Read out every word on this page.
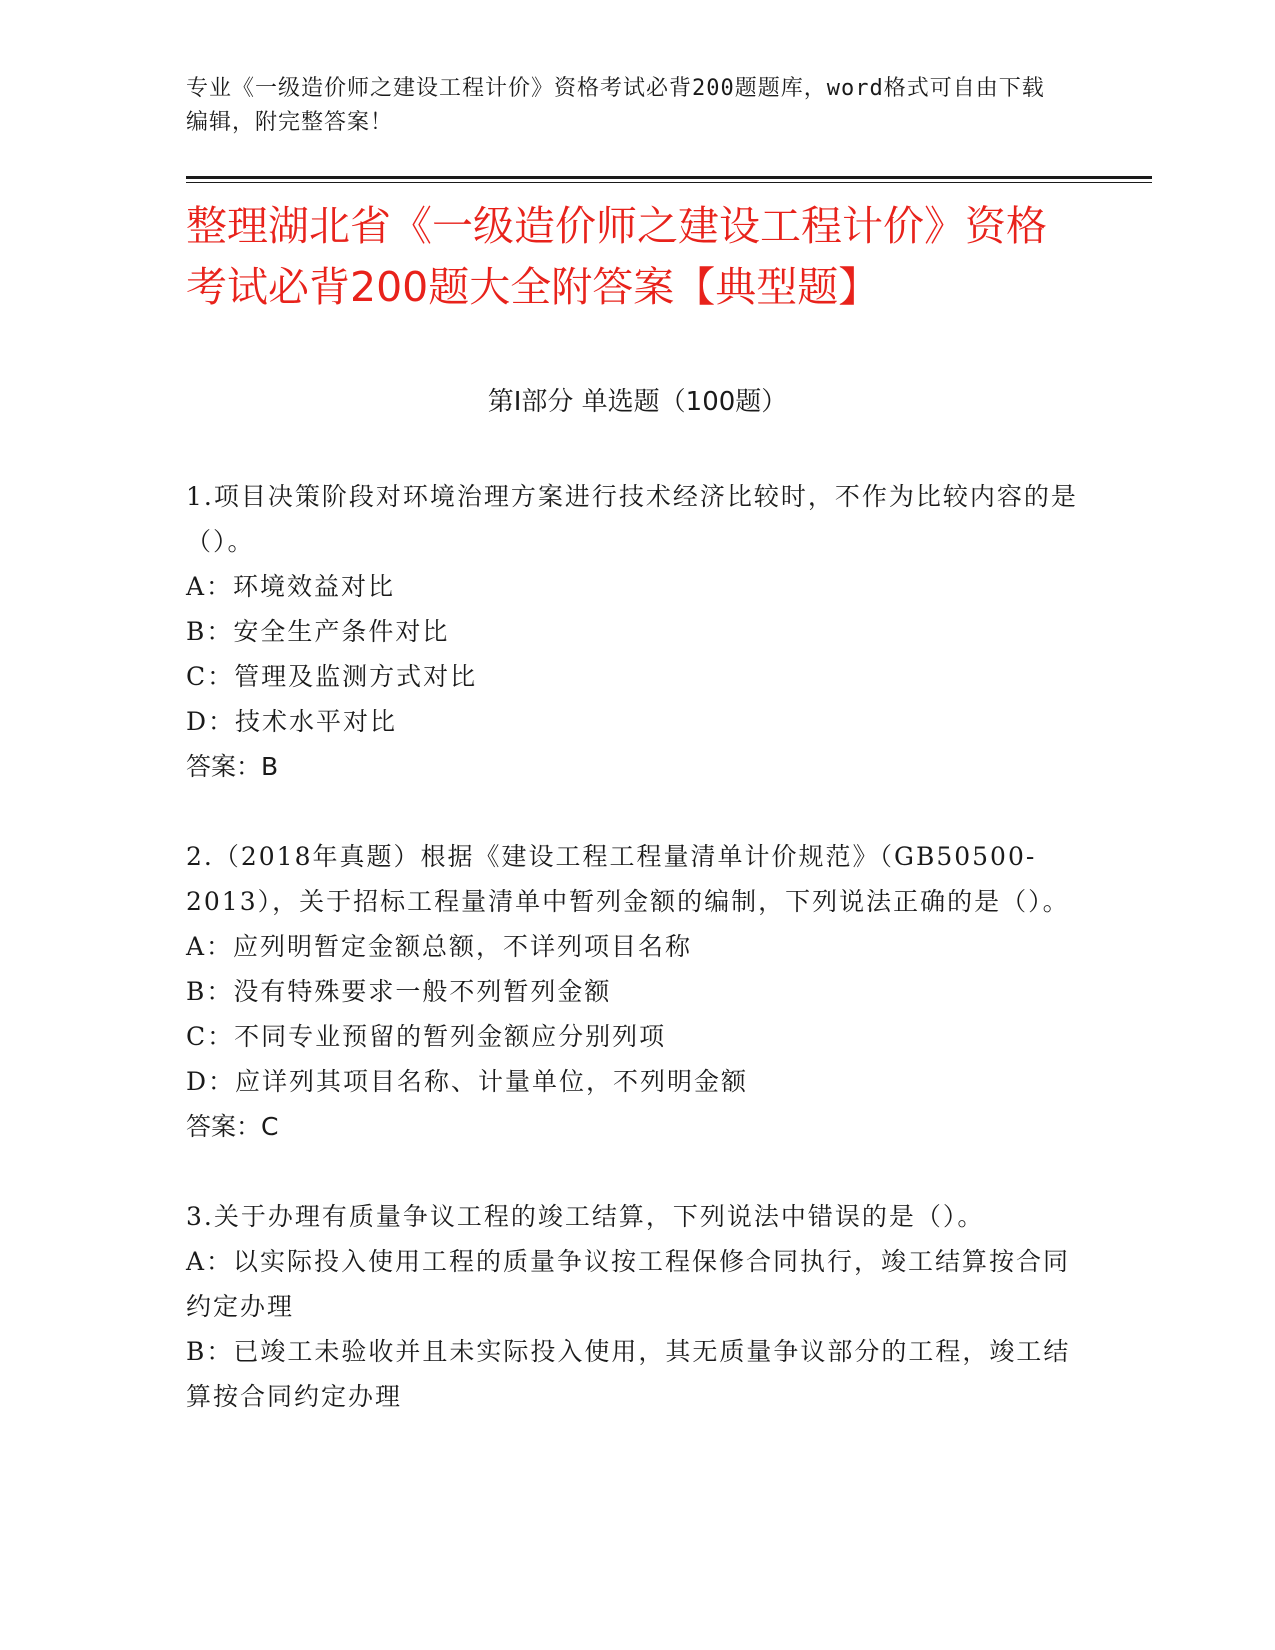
专业《一级造价师之建设工程计价》资格考试必背200题题库，word格式可自由下载编辑，附完整答案！
整理湖北省《一级造价师之建设工程计价》资格考试必背200题大全附答案【典型题】
第I部分 单选题（100题）
1.项目决策阶段对环境治理方案进行技术经济比较时，不作为比较内容的是（）。
A：环境效益对比
B：安全生产条件对比
C：管理及监测方式对比
D：技术水平对比
答案：B
2.（2018年真题）根据《建设工程工程量清单计价规范》（GB50500-2013），关于招标工程量清单中暂列金额的编制，下列说法正确的是（）。
A：应列明暂定金额总额，不详列项目名称
B：没有特殊要求一般不列暂列金额
C：不同专业预留的暂列金额应分别列项
D：应详列其项目名称、计量单位，不列明金额
答案：C
3.关于办理有质量争议工程的竣工结算，下列说法中错误的是（）。
A：以实际投入使用工程的质量争议按工程保修合同执行，竣工结算按合同约定办理
B：已竣工未验收并且未实际投入使用，其无质量争议部分的工程，竣工结算按合同约定办理
